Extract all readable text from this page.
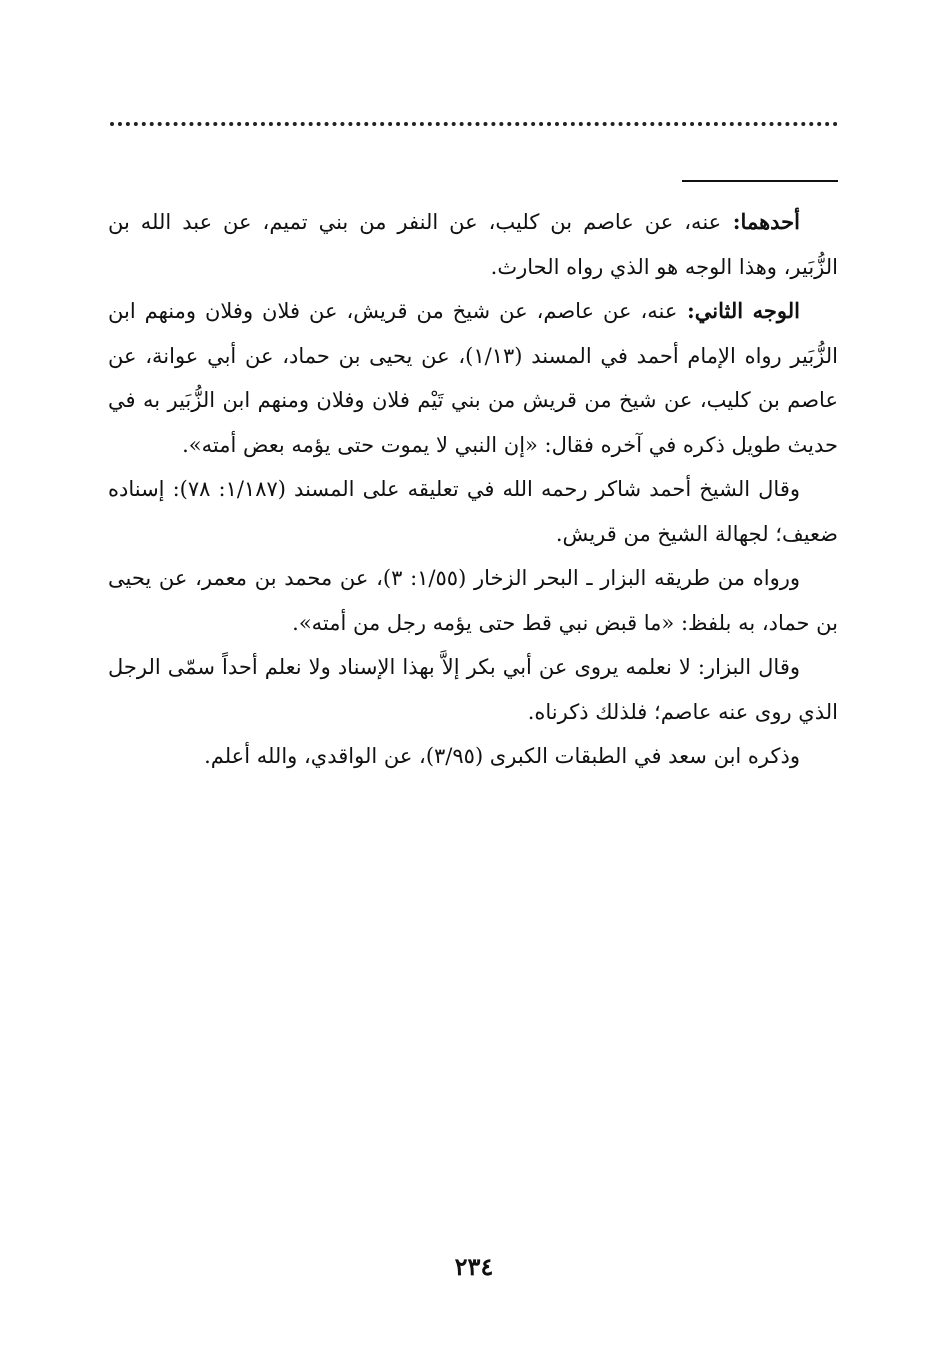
أحدهما: عنه، عن عاصم بن كليب، عن النفر من بني تميم، عن عبد الله بن الزُّبَير، وهذا الوجه هو الذي رواه الحارث.

الوجه الثاني: عنه، عن عاصم، عن شيخ من قريش، عن فلان وفلان ومنهم ابن الزُّبَير رواه الإمام أحمد في المسند (١/١٣)، عن يحيى بن حماد، عن أبي عوانة، عن عاصم بن كليب، عن شيخ من قريش من بني تَيْم فلان وفلان ومنهم ابن الزُّبَير به في حديث طويل ذكره في آخره فقال: «إن النبي لا يموت حتى يؤمه بعض أمته».

وقال الشيخ أحمد شاكر رحمه الله في تعليقه على المسند (١/١٨٧: ٧٨): إسناده ضعيف؛ لجهالة الشيخ من قريش.

ورواه من طريقه البزار ـ البحر الزخار (١/٥٥: ٣)، عن محمد بن معمر، عن يحيى بن حماد، به بلفظ: «ما قبض نبي قط حتى يؤمه رجل من أمته».

وقال البزار: لا نعلمه يروى عن أبي بكر إلاَّ بهذا الإسناد ولا نعلم أحداً سمّى الرجل الذي روى عنه عاصم؛ فلذلك ذكرناه.

وذكره ابن سعد في الطبقات الكبرى (٣/٩٥)، عن الواقدي، والله أعلم.

٢٣٤
